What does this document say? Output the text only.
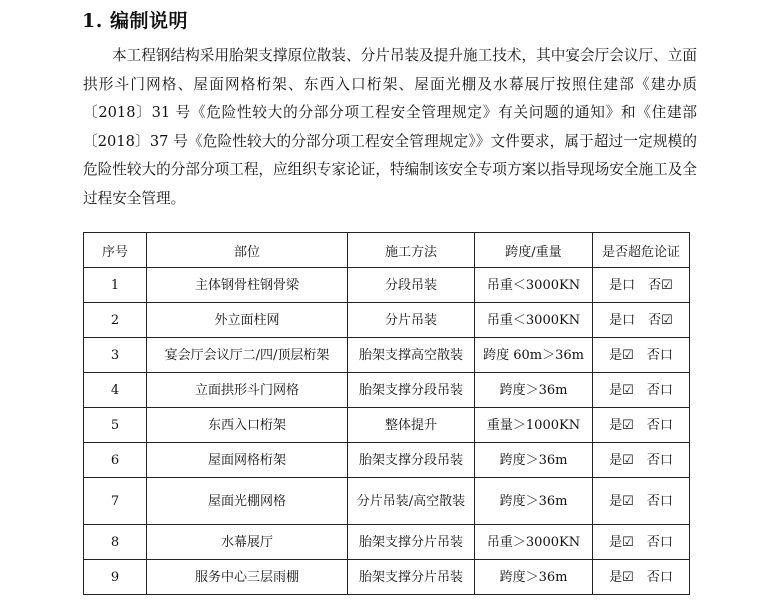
1. 编制说明

本工程钢结构采用胎架支撑原位散装、分片吊装及提升施工技术，其中宴会厅会议厅、立面拱形斗门网格、屋面网格桁架、东西入口桁架、屋面光棚及水幕展厅按照住建部《建办质〔2018〕31 号《危险性较大的分部分项工程安全管理规定》有关问题的通知》和《住建部〔2018〕37 号《危险性较大的分部分项工程安全管理规定》》文件要求，属于超过一定规模的危险性较大的分部分项工程，应组织专家论证，特编制该安全专项方案以指导现场安全施工及全过程安全管理。

序号	部位	施工方法	跨度/重量	是否超危论证
1	主体钢骨柱钢骨梁	分段吊装	吊重＜3000KN	是口　否☑
2	外立面柱网	分片吊装	吊重＜3000KN	是口　否☑
3	宴会厅会议厅二/四/顶层桁架	胎架支撑高空散装	跨度 60m＞36m	是☑　否口
4	立面拱形斗门网格	胎架支撑分段吊装	跨度＞36m	是☑　否口
5	东西入口桁架	整体提升	重量＞1000KN	是☑　否口
6	屋面网格桁架	胎架支撑分段吊装	跨度＞36m	是☑　否口
7	屋面光棚网格	分片吊装/高空散装	跨度＞36m	是☑　否口
8	水幕展厅	胎架支撑分片吊装	吊重＞3000KN	是☑　否口
9	服务中心三层雨棚	胎架支撑分片吊装	跨度＞36m	是☑　否口
